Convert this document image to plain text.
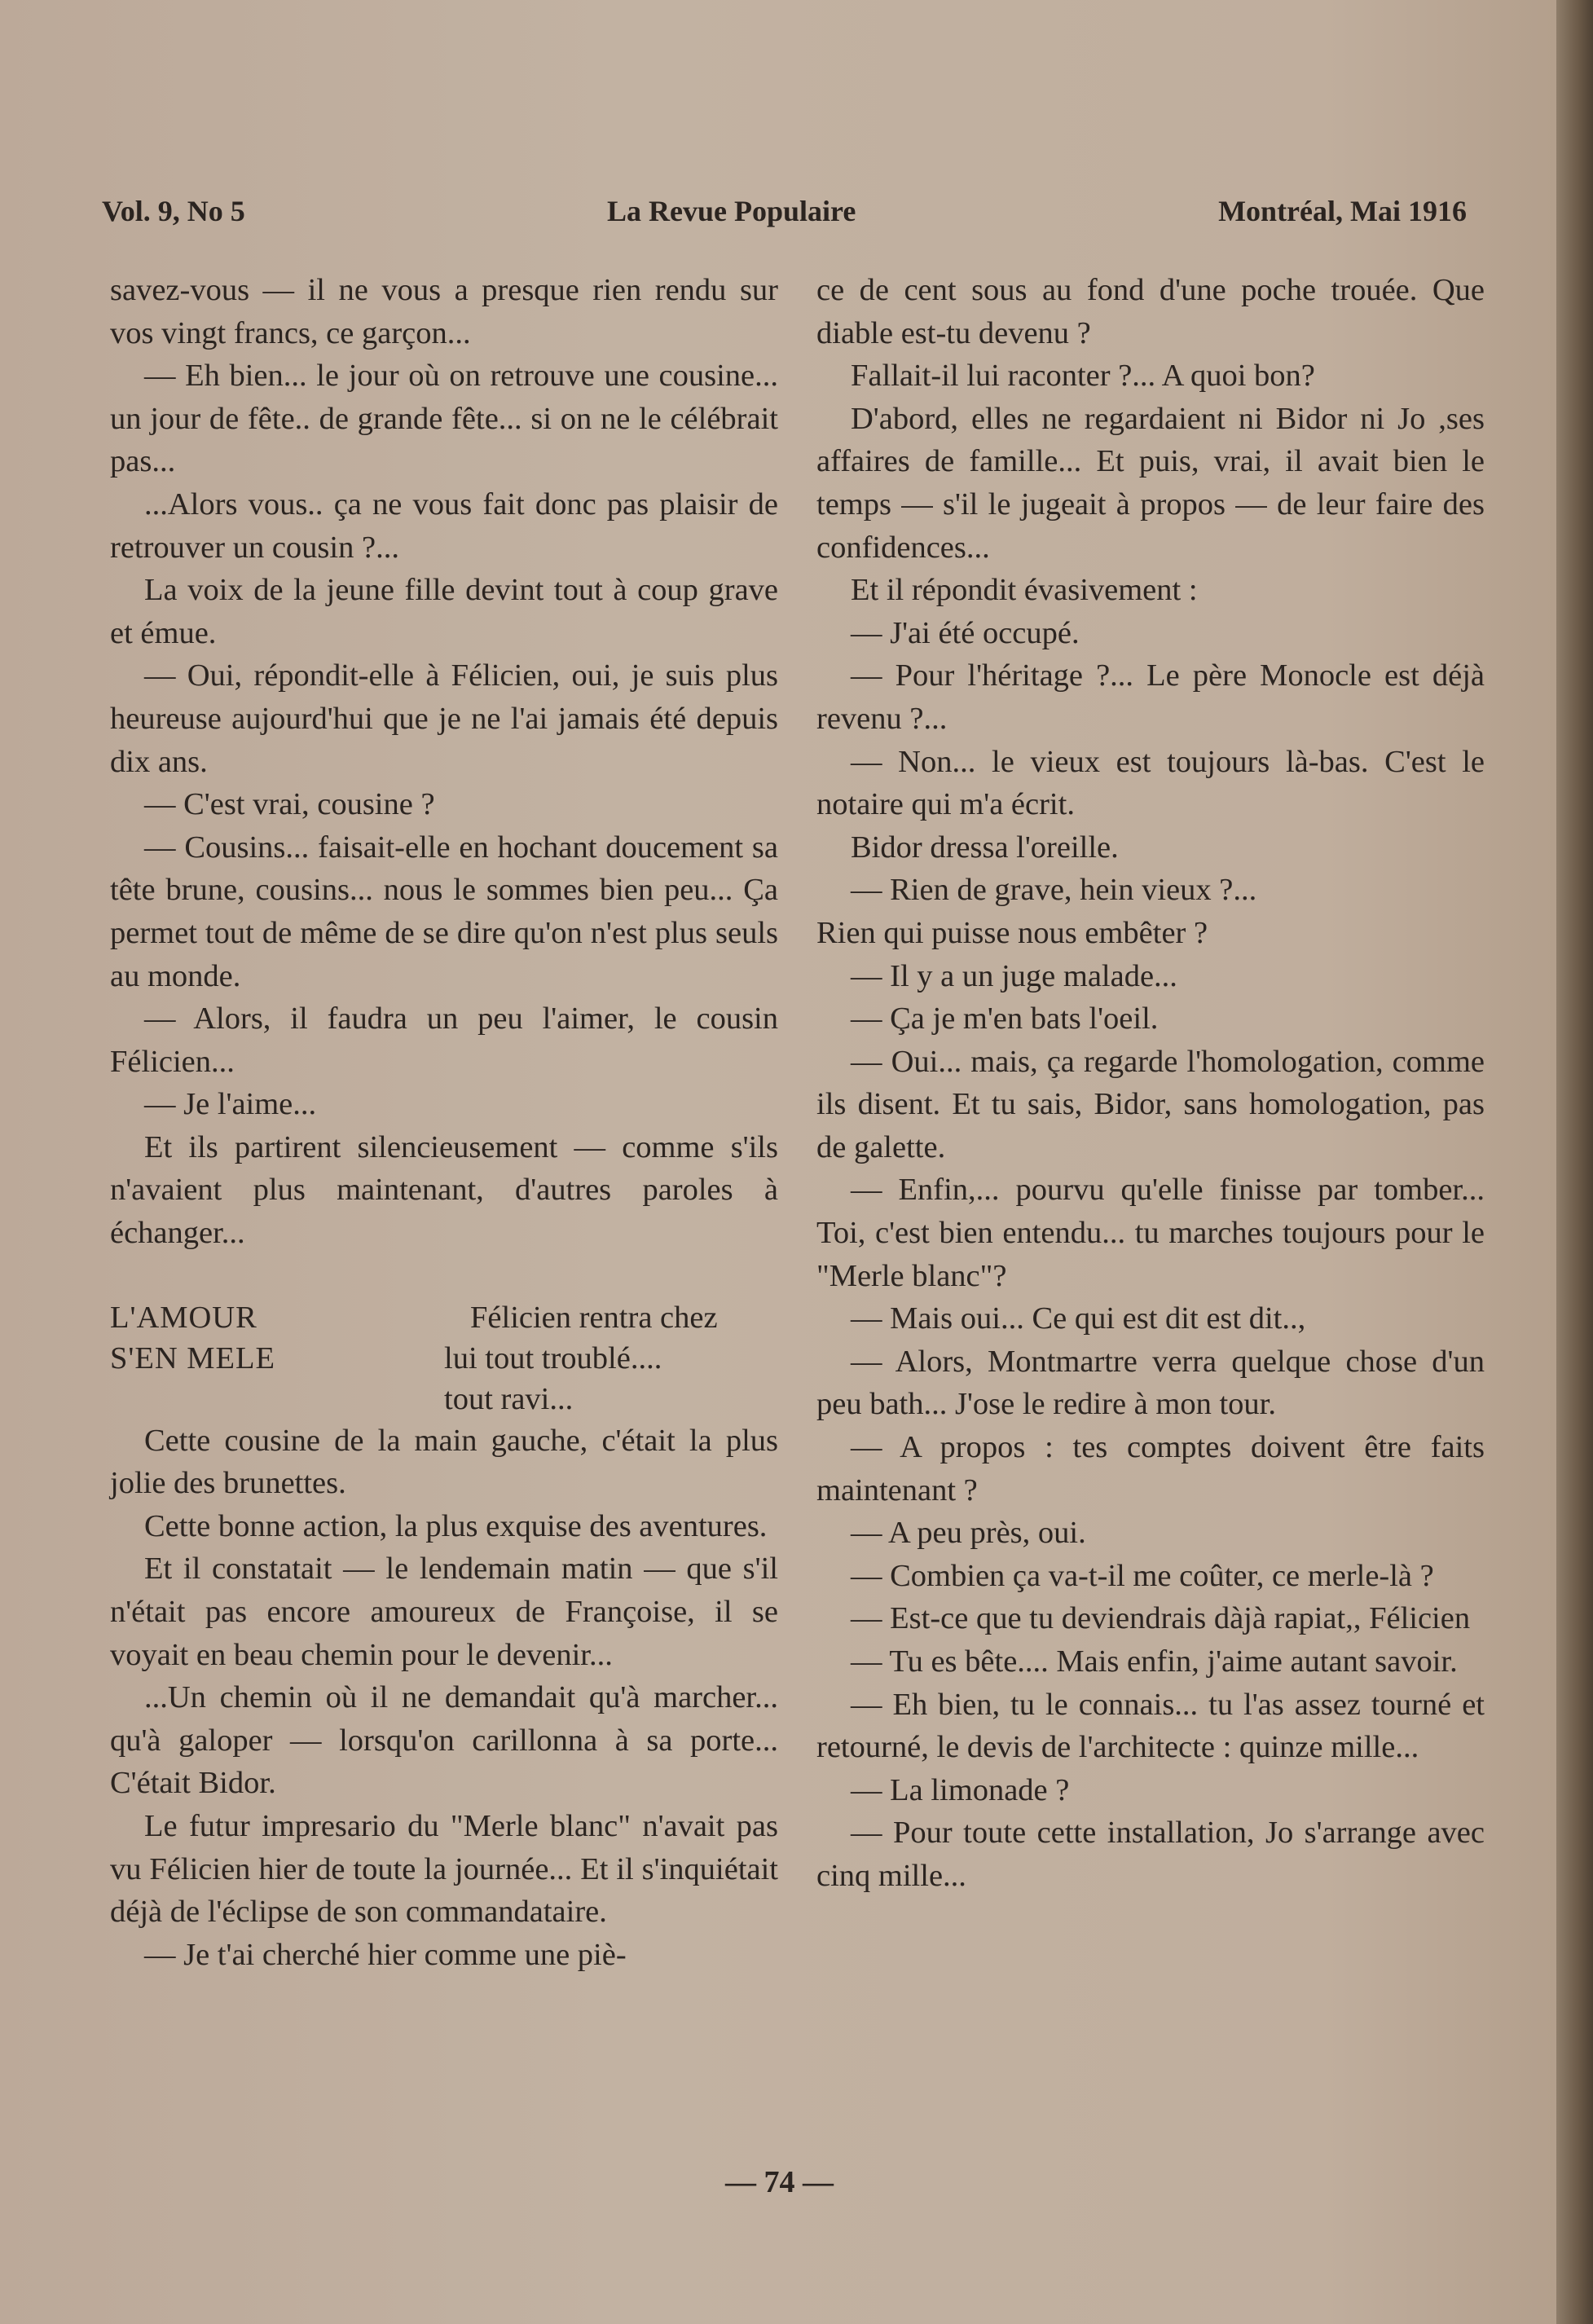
Vol. 9, No 5	La Revue Populaire	Montréal, Mai 1916

savez-vous — il ne vous a presque rien rendu sur vos vingt francs, ce garçon...

— Eh bien... le jour où on retrouve une cousine... un jour de fête.. de grande fête... si on ne le célébrait pas...

...Alors vous.. ça ne vous fait donc pas plaisir de retrouver un cousin ?...

La voix de la jeune fille devint tout à coup grave et émue.

— Oui, répondit-elle à Félicien, oui, je suis plus heureuse aujourd'hui que je ne l'ai jamais été depuis dix ans.

— C'est vrai, cousine ?

— Cousins... faisait-elle en hochant doucement sa tête brune, cousins... nous le sommes bien peu... Ça permet tout de même de se dire qu'on n'est plus seuls au monde.

— Alors, il faudra un peu l'aimer, le cousin Félicien...

— Je l'aime...

Et ils partirent silencieusement — comme s'ils n'avaient plus maintenant, d'autres paroles à échanger...

L'AMOUR
S'EN MELE
Félicien rentra chez
lui tout troublé....
tout ravi...

Cette cousine de la main gauche, c'était la plus jolie des brunettes.

Cette bonne action, la plus exquise des aventures.

Et il constatait — le lendemain matin — que s'il n'était pas encore amoureux de Françoise, il se voyait en beau chemin pour le devenir...

...Un chemin où il ne demandait qu'à marcher... qu'à galoper — lorsqu'on carillonna à sa porte... C'était Bidor.

Le futur impresario du "Merle blanc" n'avait pas vu Félicien hier de toute la journée... Et il s'inquiétait déjà de l'éclipse de son commandataire.

— Je t'ai cherché hier comme une piè-

ce de cent sous au fond d'une poche trouée. Que diable est-tu devenu ?

Fallait-il lui raconter ?... A quoi bon?

D'abord, elles ne regardaient ni Bidor ni Jo ,ses affaires de famille... Et puis, vrai, il avait bien le temps — s'il le jugeait à propos — de leur faire des confidences...

Et il répondit évasivement :

— J'ai été occupé.

— Pour l'héritage ?... Le père Monocle est déjà revenu ?...

— Non... le vieux est toujours là-bas. C'est le notaire qui m'a écrit.

Bidor dressa l'oreille.

— Rien de grave, hein vieux ?...

Rien qui puisse nous embêter ?

— Il y a un juge malade...

— Ça je m'en bats l'oeil.

— Oui... mais, ça regarde l'homologation, comme ils disent. Et tu sais, Bidor, sans homologation, pas de galette.

— Enfin,... pourvu qu'elle finisse par tomber... Toi, c'est bien entendu... tu marches toujours pour le "Merle blanc"?

— Mais oui... Ce qui est dit est dit..,

— Alors, Montmartre verra quelque chose d'un peu bath... J'ose le redire à mon tour.

— A propos : tes comptes doivent être faits maintenant ?

— A peu près, oui.

— Combien ça va-t-il me coûter, ce merle-là ?

— Est-ce que tu deviendrais dàjà rapiat,, Félicien

— Tu es bête.... Mais enfin, j'aime autant savoir.

— Eh bien, tu le connais... tu l'as assez tourné et retourné, le devis de l'architecte : quinze mille...

— La limonade ?

— Pour toute cette installation, Jo s'arrange avec cinq mille...

— 74 —
